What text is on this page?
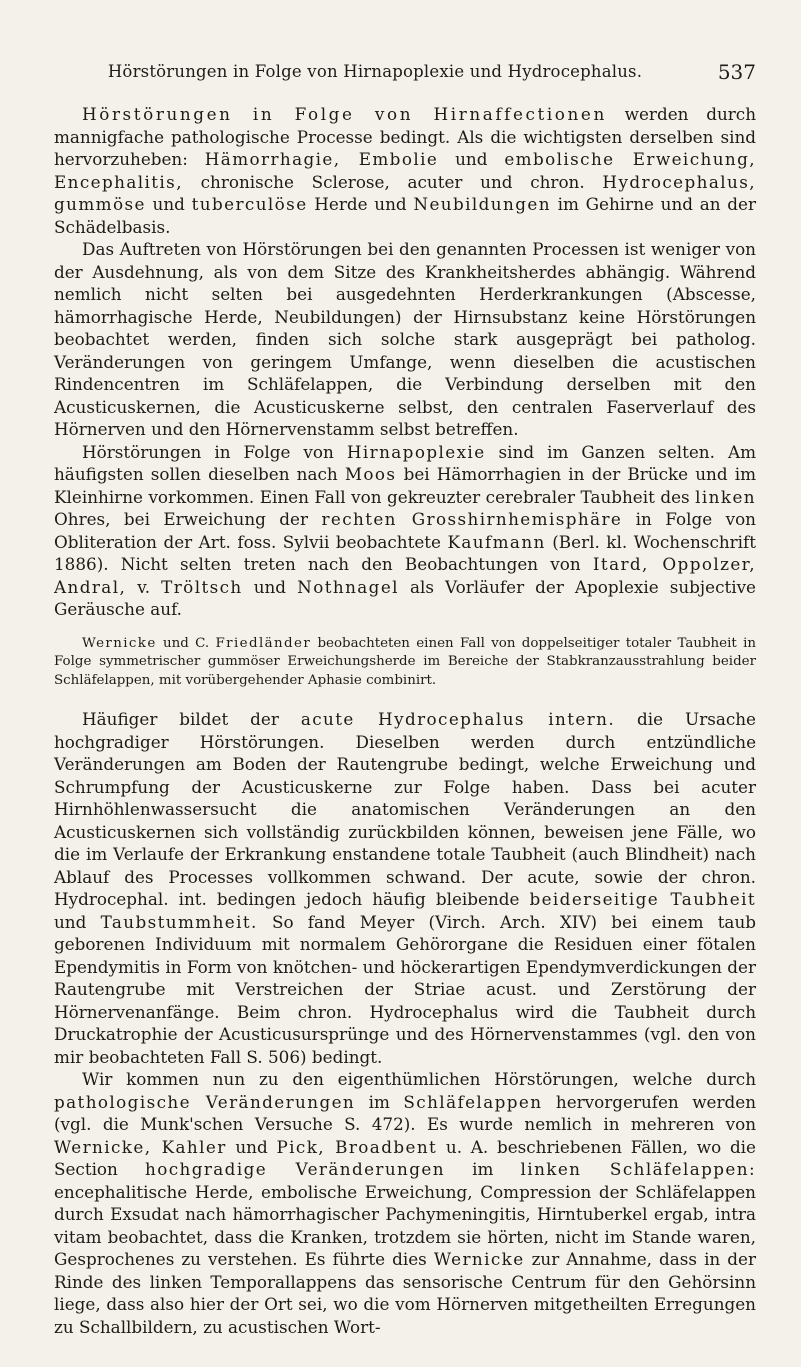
Hörstörungen in Folge von Hirnapoplexie und Hydrocephalus.	537

Hörstörungen in Folge von Hirnaffectionen werden durch mannigfache pathologische Processe bedingt. Als die wichtigsten derselben sind hervorzuheben: Hämorrhagie, Embolie und embolische Erweichung, Encephalitis, chronische Sclerose, acuter und chron. Hydrocephalus, gummöse und tuberculöse Herde und Neubildungen im Gehirne und an der Schädelbasis.

Das Auftreten von Hörstörungen bei den genannten Processen ist weniger von der Ausdehnung, als von dem Sitze des Krankheitsherdes abhängig. Während nemlich nicht selten bei ausgedehnten Herderkrankungen (Abscesse, hämorrhagische Herde, Neubildungen) der Hirnsubstanz keine Hörstörungen beobachtet werden, finden sich solche stark ausgeprägt bei patholog. Veränderungen von geringem Umfange, wenn dieselben die acustischen Rindencentren im Schläfelappen, die Verbindung derselben mit den Acusticuskernen, die Acusticuskerne selbst, den centralen Faserverlauf des Hörnerven und den Hörnervenstamm selbst betreffen.

Hörstörungen in Folge von Hirnapoplexie sind im Ganzen selten. Am häufigsten sollen dieselben nach Moos bei Hämorrhagien in der Brücke und im Kleinhirne vorkommen. Einen Fall von gekreuzter cerebraler Taubheit des linken Ohres, bei Erweichung der rechten Grosshirnhemisphäre in Folge von Obliteration der Art. foss. Sylvii beobachtete Kaufmann (Berl. kl. Wochenschrift 1886). Nicht selten treten nach den Beobachtungen von Itard, Oppolzer, Andral, v. Tröltsch und Nothnagel als Vorläufer der Apoplexie subjective Geräusche auf.

Wernicke und C. Friedländer beobachteten einen Fall von doppelseitiger totaler Taubheit in Folge symmetrischer gummöser Erweichungsherde im Bereiche der Stabkranzausstrahlung beider Schläfelappen, mit vorübergehender Aphasie combinirt.

Häufiger bildet der acute Hydrocephalus intern. die Ursache hochgradiger Hörstörungen. Dieselben werden durch entzündliche Veränderungen am Boden der Rautengrube bedingt, welche Erweichung und Schrumpfung der Acusticuskerne zur Folge haben. Dass bei acuter Hirnhöhlenwassersucht die anatomischen Veränderungen an den Acusticuskernen sich vollständig zurückbilden können, beweisen jene Fälle, wo die im Verlaufe der Erkrankung enstandene totale Taubheit (auch Blindheit) nach Ablauf des Processes vollkommen schwand. Der acute, sowie der chron. Hydrocephal. int. bedingen jedoch häufig bleibende beiderseitige Taubheit und Taubstummheit. So fand Meyer (Virch. Arch. XIV) bei einem taub geborenen Individuum mit normalem Gehörorgane die Residuen einer fötalen Ependymitis in Form von knötchen- und höckerartigen Ependymverdickungen der Rautengrube mit Verstreichen der Striae acust. und Zerstörung der Hörnervenanfänge. Beim chron. Hydrocephalus wird die Taubheit durch Druckatrophie der Acusticusursprünge und des Hörnervenstammes (vgl. den von mir beobachteten Fall S. 506) bedingt.

Wir kommen nun zu den eigenthümlichen Hörstörungen, welche durch pathologische Veränderungen im Schläfelappen hervorgerufen werden (vgl. die Munk'schen Versuche S. 472). Es wurde nemlich in mehreren von Wernicke, Kahler und Pick, Broadbent u. A. beschriebenen Fällen, wo die Section hochgradige Veränderungen im linken Schläfelappen: encephalitische Herde, embolische Erweichung, Compression der Schläfelappen durch Exsudat nach hämorrhagischer Pachymeningitis, Hirntuberkel ergab, intra vitam beobachtet, dass die Kranken, trotzdem sie hörten, nicht im Stande waren, Gesprochenes zu verstehen. Es führte dies Wernicke zur Annahme, dass in der Rinde des linken Temporallappens das sensorische Centrum für den Gehörsinn liege, dass also hier der Ort sei, wo die vom Hörnerven mitgetheilten Erregungen zu Schallbildern, zu acustischen Wort-
